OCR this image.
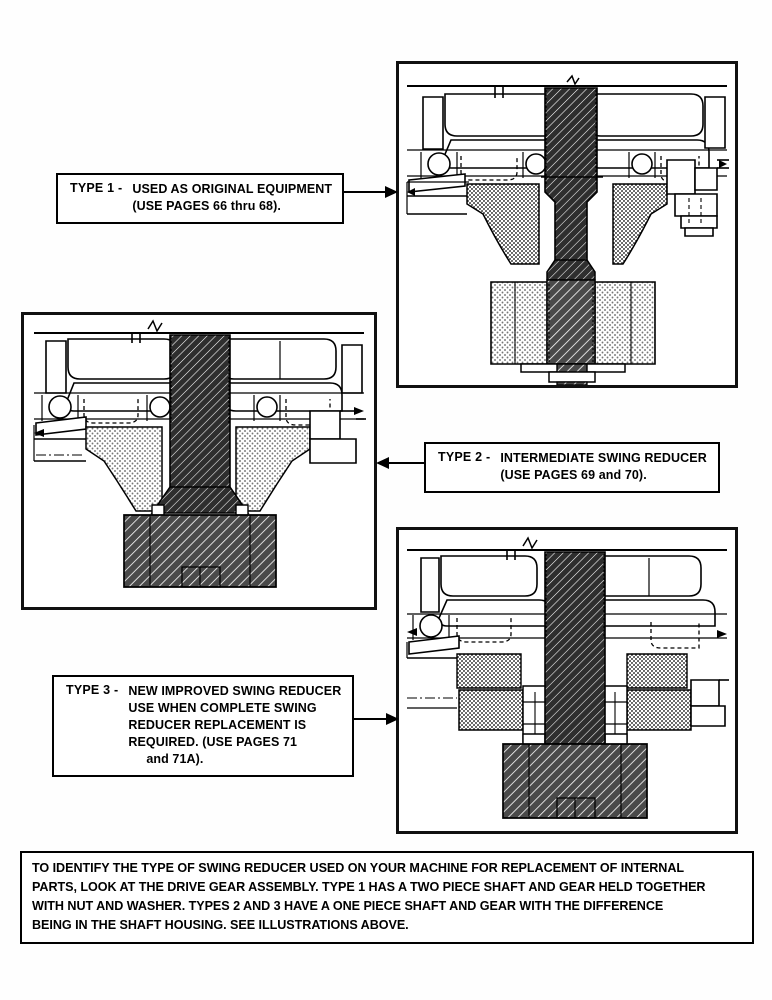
TYPE 1 - USED AS ORIGINAL EQUIPMENT
(USE PAGES 66 thru 68).
TYPE 2 - INTERMEDIATE SWING REDUCER
(USE PAGES 69 and 70).
TYPE 3 - NEW IMPROVED SWING REDUCER
USE WHEN COMPLETE SWING
REDUCER REPLACEMENT IS
REQUIRED. (USE PAGES 71
and 71A).
TO IDENTIFY THE TYPE OF SWING REDUCER USED ON YOUR MACHINE FOR REPLACEMENT OF INTERNAL
PARTS, LOOK AT THE DRIVE GEAR ASSEMBLY. TYPE 1 HAS A TWO PIECE SHAFT AND GEAR HELD TOGETHER
WITH NUT AND WASHER. TYPES 2 AND 3 HAVE A ONE PIECE SHAFT AND GEAR WITH THE DIFFERENCE
BEING IN THE SHAFT HOUSING. SEE ILLUSTRATIONS ABOVE.
